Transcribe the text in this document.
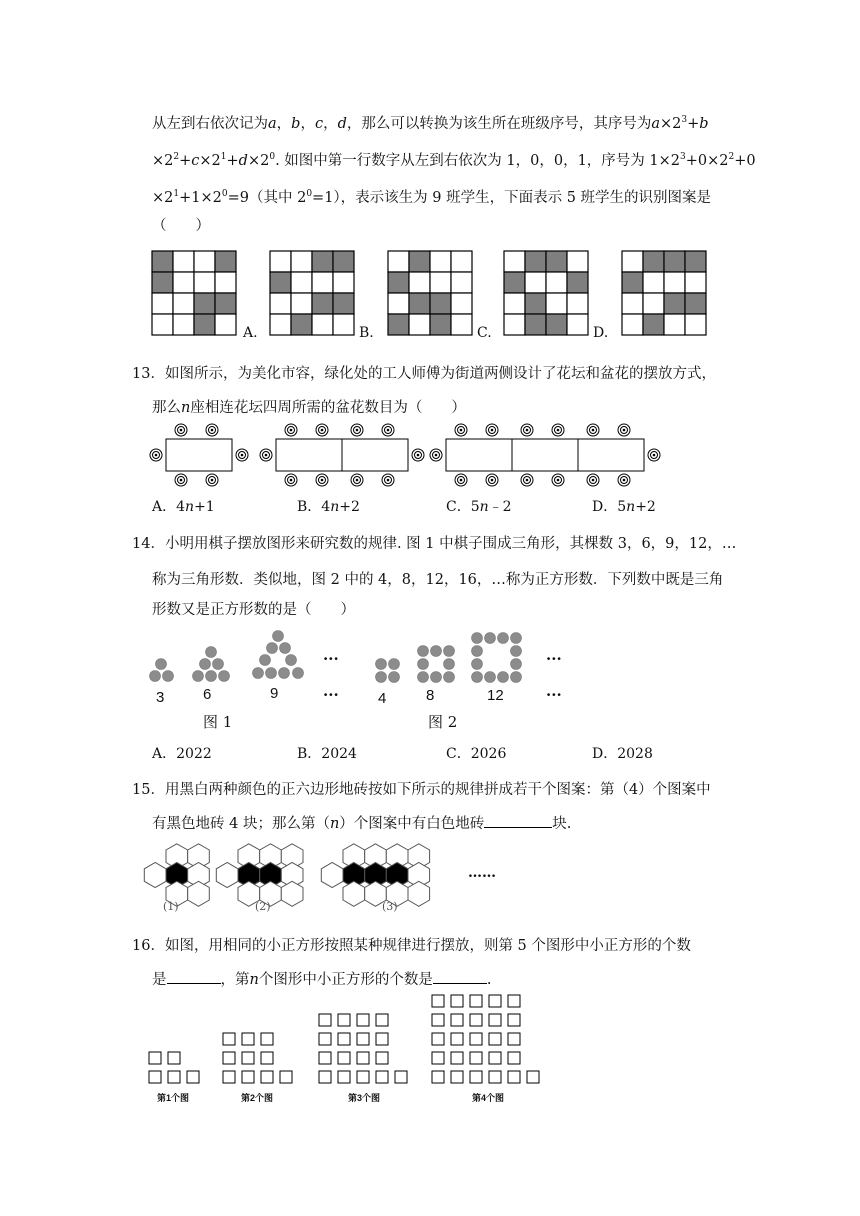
从左到右依次记为a，b，c，d，那么可以转换为该生所在班级序号，其序号为$a\times 2^3+b$
$\times 2^2+c\times 2^1+d\times 2^0$. 如图中第一行数字从左到右依次为 1，0，0，1，序号为 $1\times 2^3+0\times 2^2+0$
$\times 2^1+1\times 2^0=9$（其中 $2^0=1$），表示该生为 9 班学生，下面表示 5 班学生的识别图案是
（　　）
A.	B.	C.	D.
13．如图所示，为美化市容，绿化处的工人师傅为街道两侧设计了花坛和盆花的摆放方式，
那么n座相连花坛四周所需的盆花数目为（　　）
A．4n+1	B．4n+2	C．5n﹣2	D．5n+2
14．小明用棋子摆放图形来研究数的规律. 图 1 中棋子围成三角形，其棵数 3，6，9，12，…
称为三角形数．类似地，图 2 中的 4，8，12，16，…称为正方形数．下列数中既是三角
形数又是正方形数的是（　　）
3	6	9	4	8	12
···
···
···
···
图 1	图 2
A．2022	B．2024	C．2026	D．2028
15．用黑白两种颜色的正六边形地砖按如下所示的规律拼成若干个图案：第（4）个图案中
有黑色地砖 4 块；那么第（n）个图案中有白色地砖	块.
(1)	(2)	(3)
……
16．如图，用相同的小正方形按照某种规律进行摆放，则第 5 个图形中小正方形的个数
是	，第n个图形中小正方形的个数是	.
第1个图	第2个图	第3个图	第4个图
